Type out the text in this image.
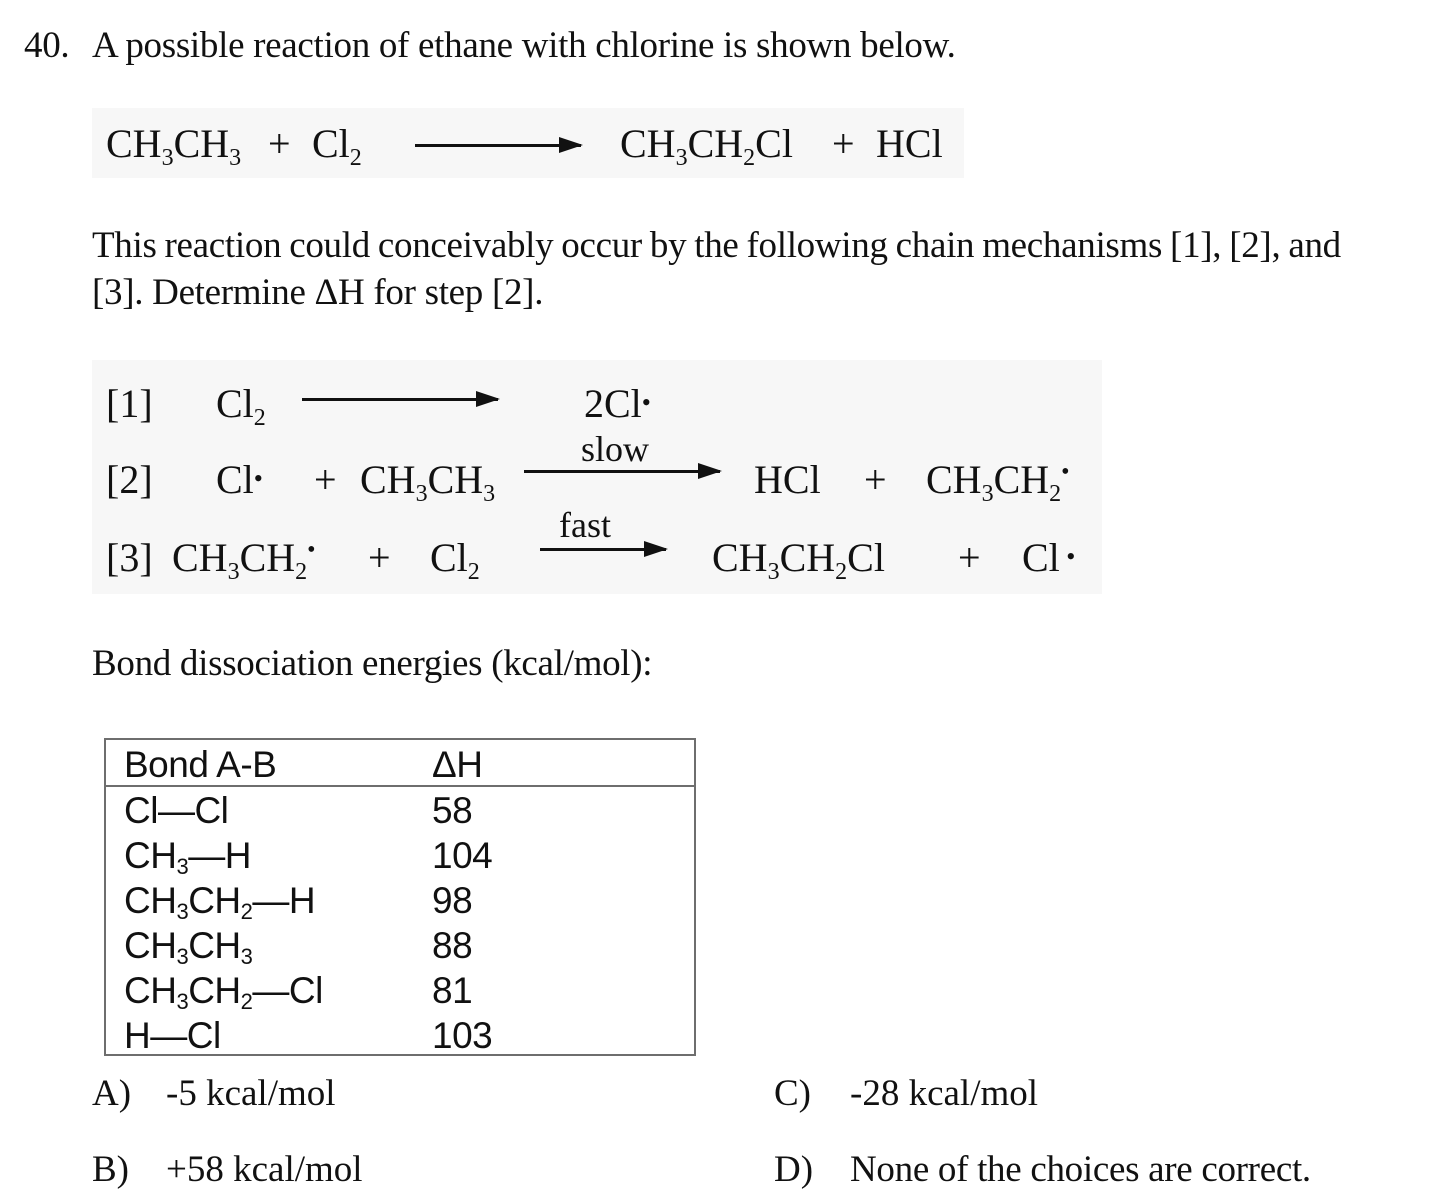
40. A possible reaction of ethane with chlorine is shown below.
$CH_3CH_3 + Cl_2$	$CH_3CH_2Cl$ + HCl
This reaction could conceivably occur by the following chain mechanisms [1], [2], and
[3]. Determine ΔH for step [2].
[1] $Cl_2$	2Cl•
[2] Cl• + $CH_3CH_3$
slow
HCl + $CH_3CH_2^•$
[3] $CH_3CH_2^• + Cl_2$
fast
$CH_3CH_2Cl + Cl$ •
Bond dissociation energies (kcal/mol):
Bond A-B	ΔH
Cl—Cl	58
$CH_3—H$	104
$CH_3CH_2—H$	98
$CH_3CH_3$	88
$CH_3CH_2—Cl$	81
H—Cl	103
A) -5 kcal/mol
B) +58 kcal/mol
C) -28 kcal/mol
D) None of the choices are correct.
